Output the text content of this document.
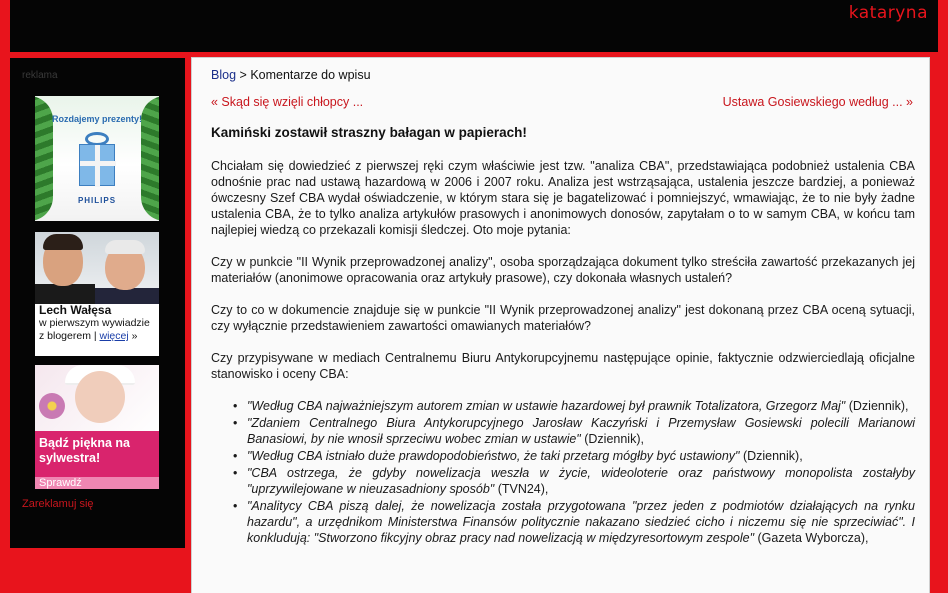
kataryna
reklama
Rozdajemy prezenty!
PHILIPS
Lech Wałęsa
w pierwszym wywiadzie
z blogerem | więcej »
Bądź piękna na sylwestra!
Sprawdź
Zareklamuj się
Blog > Komentarze do wpisu
« Skąd się wzięli chłopcy ...	Ustawa Gosiewskiego według ... »
Kamiński zostawił straszny bałagan w papierach!

Chciałam się dowiedzieć z pierwszej ręki czym właściwie jest tzw. "analiza CBA", przedstawiająca podobnież ustalenia CBA odnośnie prac nad ustawą hazardową w 2006 i 2007 roku. Analiza jest wstrząsająca, ustalenia jeszcze bardziej, a ponieważ ówczesny Szef CBA wydał oświadczenie, w którym stara się je bagatelizować i pomniejszyć, wmawiając, że to nie były żadne ustalenia CBA, że to tylko analiza artykułów prasowych i anonimowych donosów, zapytałam o to w samym CBA, w końcu tam najlepiej wiedzą co przekazali komisji śledczej. Oto moje pytania:

Czy w punkcie "II Wynik przeprowadzonej analizy", osoba sporządzająca dokument tylko streściła zawartość przekazanych jej materiałów (anonimowe opracowania oraz artykuły prasowe), czy dokonała własnych ustaleń?

Czy to co w dokumencie znajduje się w punkcie "II Wynik przeprowadzonej analizy" jest dokonaną przez CBA oceną sytuacji, czy wyłącznie przedstawieniem zawartości omawianych materiałów?

Czy przypisywane w mediach Centralnemu Biuru Antykorupcyjnemu następujące opinie, faktycznie odzwierciedlają oficjalne stanowisko i oceny CBA:

• "Według CBA najważniejszym autorem zmian w ustawie hazardowej był prawnik Totalizatora, Grzegorz Maj" (Dziennik),
• "Zdaniem Centralnego Biura Antykorupcyjnego Jarosław Kaczyński i Przemysław Gosiewski polecili Marianowi Banasiowi, by nie wnosił sprzeciwu wobec zmian w ustawie" (Dziennik),
• "Według CBA istniało duże prawdopodobieństwo, że taki przetarg mógłby być ustawiony" (Dziennik),
• "CBA ostrzega, że gdyby nowelizacja weszła w życie, wideoloterie oraz państwowy monopolista zostałyby "uprzywilejowane w nieuzasadniony sposób" (TVN24),
• "Analitycy CBA piszą dalej, że nowelizacja została przygotowana "przez jeden z podmiotów działających na rynku hazardu", a urzędnikom Ministerstwa Finansów politycznie nakazano siedzieć cicho i niczemu się nie sprzeciwiać". I konkludują: "Stworzono fikcyjny obraz pracy nad nowelizacją w międzyresortowym zespole" (Gazeta Wyborcza),
